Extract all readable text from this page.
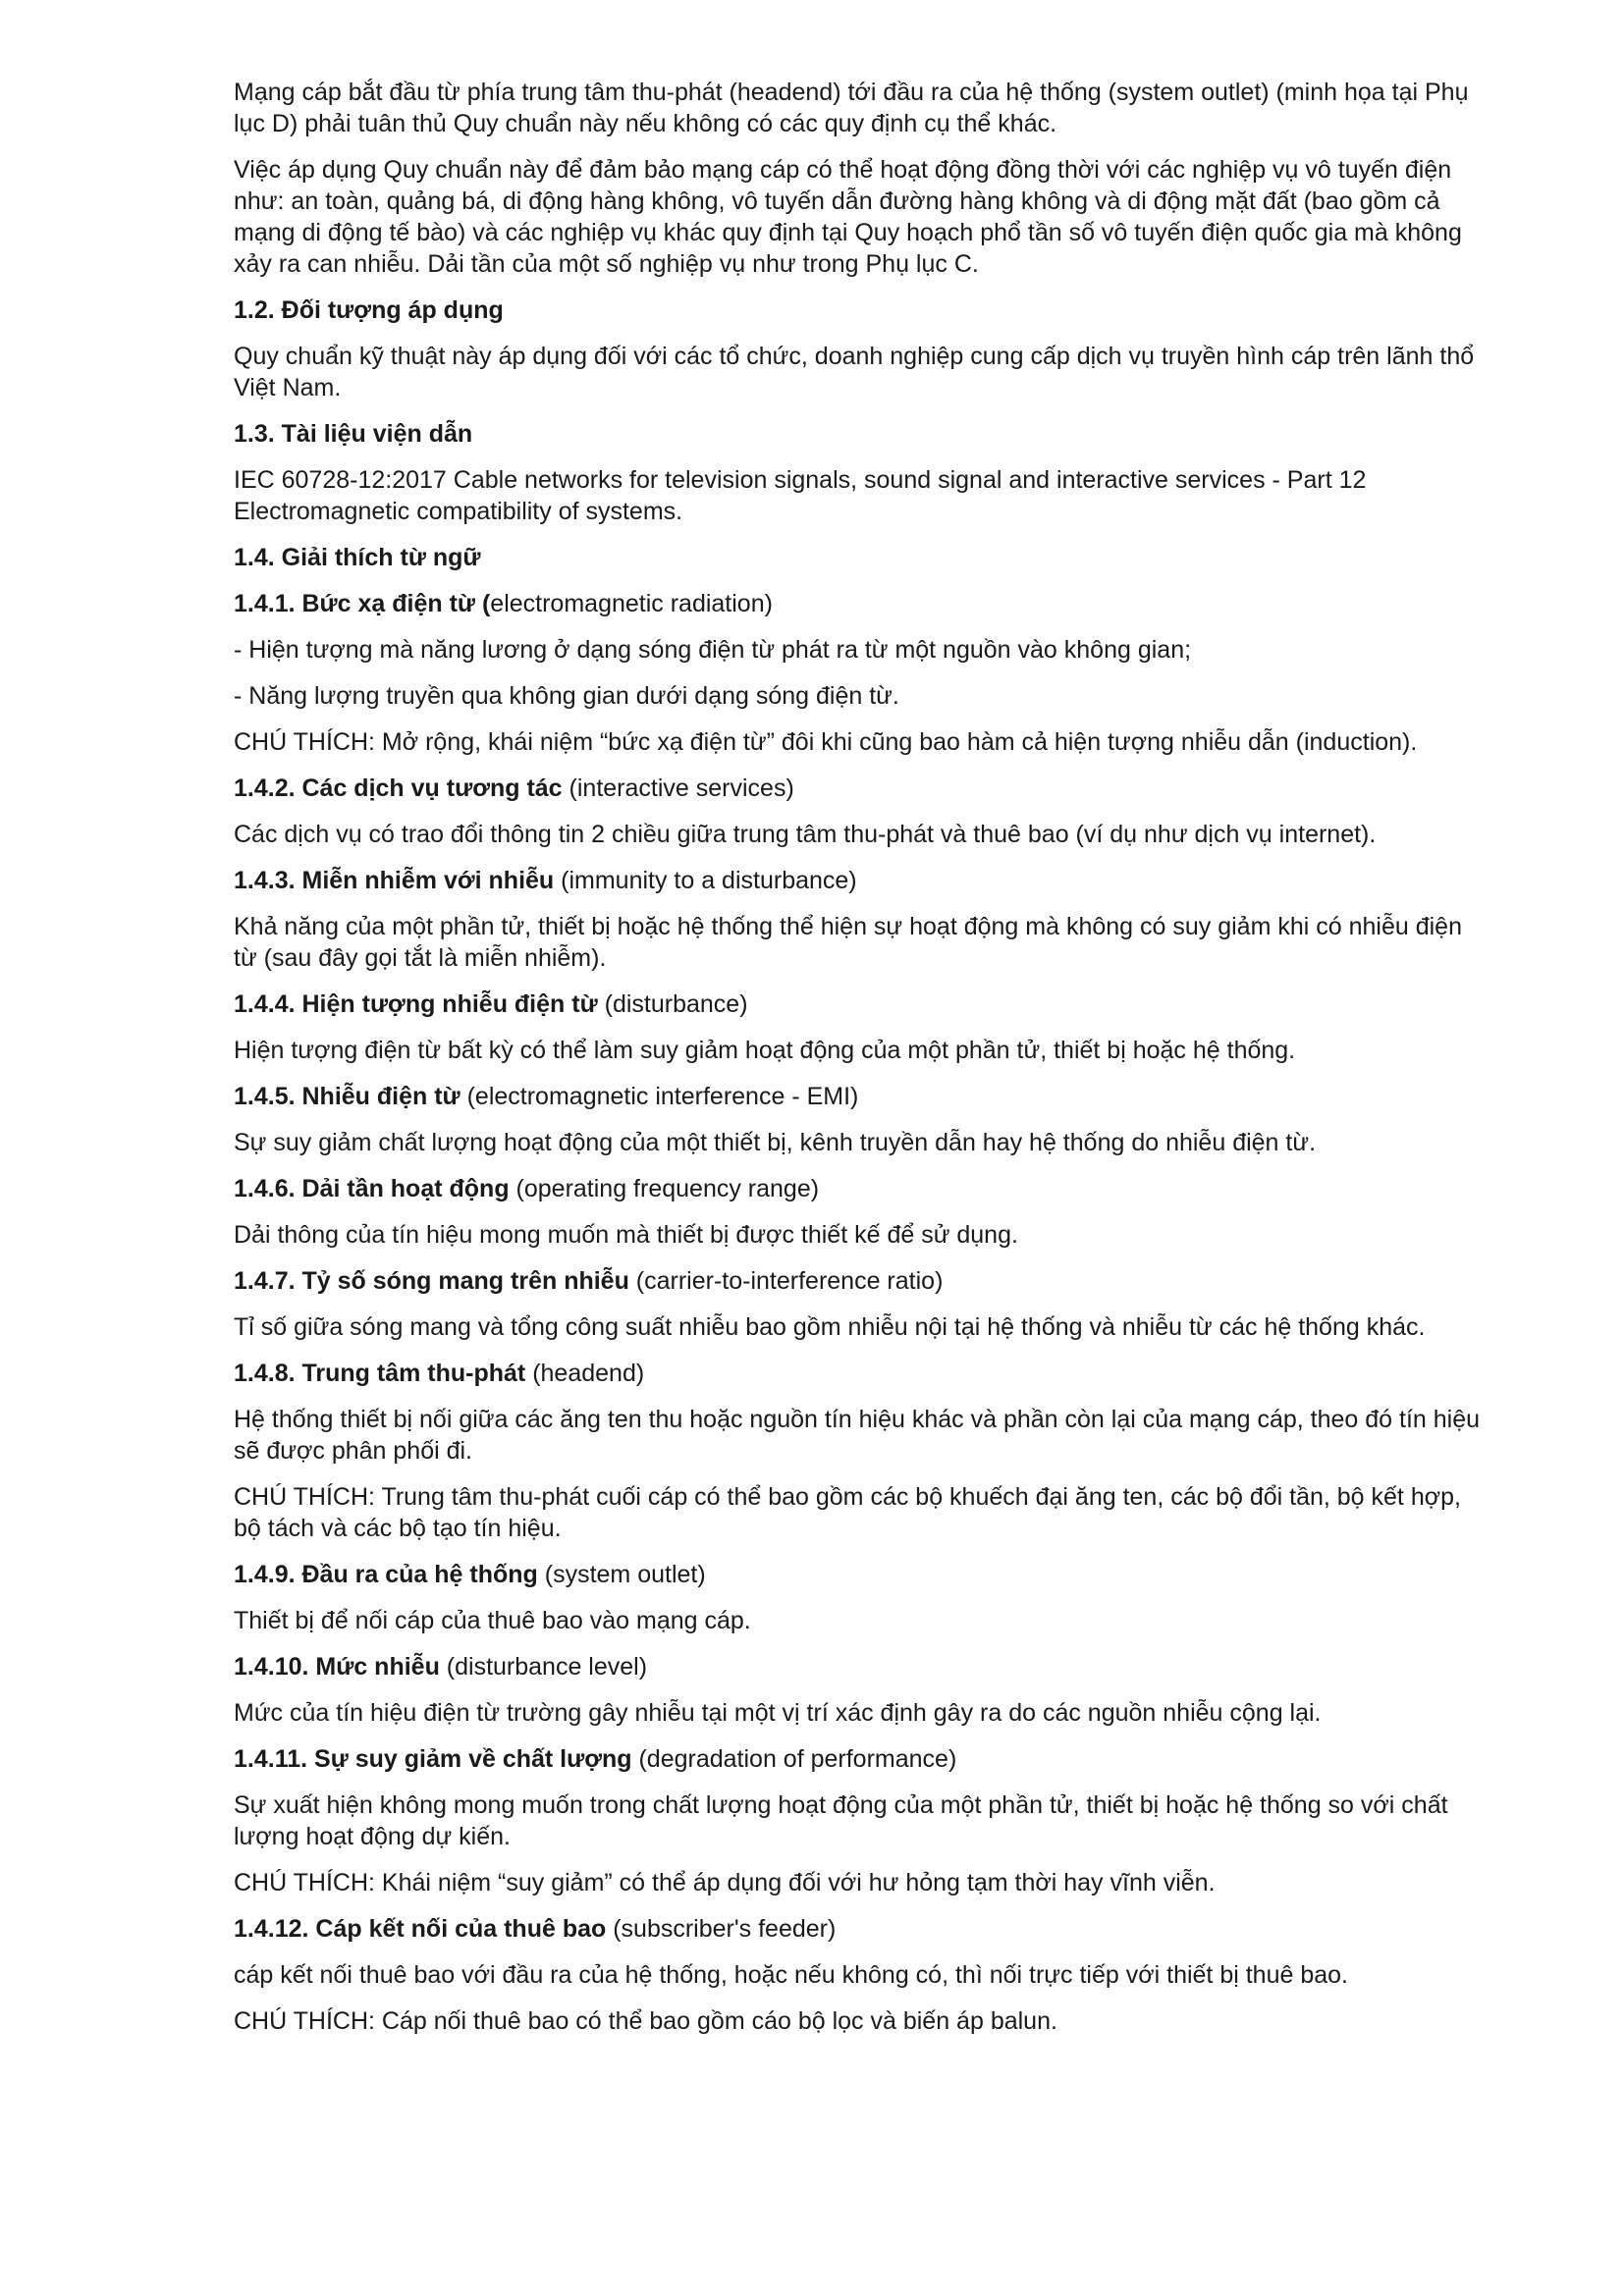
Mạng cáp bắt đầu từ phía trung tâm thu-phát (headend) tới đầu ra của hệ thống (system outlet) (minh họa tại Phụ lục D) phải tuân thủ Quy chuẩn này nếu không có các quy định cụ thể khác.

Việc áp dụng Quy chuẩn này để đảm bảo mạng cáp có thể hoạt động đồng thời với các nghiệp vụ vô tuyến điện như: an toàn, quảng bá, di động hàng không, vô tuyến dẫn đường hàng không và di động mặt đất (bao gồm cả mạng di động tế bào) và các nghiệp vụ khác quy định tại Quy hoạch phổ tần số vô tuyến điện quốc gia mà không xảy ra can nhiễu. Dải tần của một số nghiệp vụ như trong Phụ lục C.

1.2. Đối tượng áp dụng

Quy chuẩn kỹ thuật này áp dụng đối với các tổ chức, doanh nghiệp cung cấp dịch vụ truyền hình cáp trên lãnh thổ Việt Nam.

1.3. Tài liệu viện dẫn

IEC 60728-12:2017 Cable networks for television signals, sound signal and interactive services - Part 12 Electromagnetic compatibility of systems.

1.4. Giải thích từ ngữ

1.4.1. Bức xạ điện từ (electromagnetic radiation)

- Hiện tượng mà năng lương ở dạng sóng điện từ phát ra từ một nguồn vào không gian;

- Năng lượng truyền qua không gian dưới dạng sóng điện từ.

CHÚ THÍCH: Mở rộng, khái niệm “bức xạ điện từ” đôi khi cũng bao hàm cả hiện tượng nhiễu dẫn (induction).

1.4.2. Các dịch vụ tương tác (interactive services)

Các dịch vụ có trao đổi thông tin 2 chiều giữa trung tâm thu-phát và thuê bao (ví dụ như dịch vụ internet).

1.4.3. Miễn nhiễm với nhiễu (immunity to a disturbance)

Khả năng của một phần tử, thiết bị hoặc hệ thống thể hiện sự hoạt động mà không có suy giảm khi có nhiễu điện từ (sau đây gọi tắt là miễn nhiễm).

1.4.4. Hiện tượng nhiễu điện từ (disturbance)

Hiện tượng điện từ bất kỳ có thể làm suy giảm hoạt động của một phần tử, thiết bị hoặc hệ thống.

1.4.5. Nhiễu điện từ (electromagnetic interference - EMI)

Sự suy giảm chất lượng hoạt động của một thiết bị, kênh truyền dẫn hay hệ thống do nhiễu điện từ.

1.4.6. Dải tần hoạt động (operating frequency range)

Dải thông của tín hiệu mong muốn mà thiết bị được thiết kế để sử dụng.

1.4.7. Tỷ số sóng mang trên nhiễu (carrier-to-interference ratio)

Tỉ số giữa sóng mang và tổng công suất nhiễu bao gồm nhiễu nội tại hệ thống và nhiễu từ các hệ thống khác.

1.4.8. Trung tâm thu-phát (headend)

Hệ thống thiết bị nối giữa các ăng ten thu hoặc nguồn tín hiệu khác và phần còn lại của mạng cáp, theo đó tín hiệu sẽ được phân phối đi.

CHÚ THÍCH: Trung tâm thu-phát cuối cáp có thể bao gồm các bộ khuếch đại ăng ten, các bộ đổi tần, bộ kết hợp, bộ tách và các bộ tạo tín hiệu.

1.4.9. Đầu ra của hệ thống (system outlet)

Thiết bị để nối cáp của thuê bao vào mạng cáp.

1.4.10. Mức nhiễu (disturbance level)

Mức của tín hiệu điện từ trường gây nhiễu tại một vị trí xác định gây ra do các nguồn nhiễu cộng lại.

1.4.11. Sự suy giảm về chất lượng (degradation of performance)

Sự xuất hiện không mong muốn trong chất lượng hoạt động của một phần tử, thiết bị hoặc hệ thống so với chất lượng hoạt động dự kiến.

CHÚ THÍCH: Khái niệm “suy giảm” có thể áp dụng đối với hư hỏng tạm thời hay vĩnh viễn.

1.4.12. Cáp kết nối của thuê bao (subscriber's feeder)

cáp kết nối thuê bao với đầu ra của hệ thống, hoặc nếu không có, thì nối trực tiếp với thiết bị thuê bao.

CHÚ THÍCH: Cáp nối thuê bao có thể bao gồm cáo bộ lọc và biến áp balun.
